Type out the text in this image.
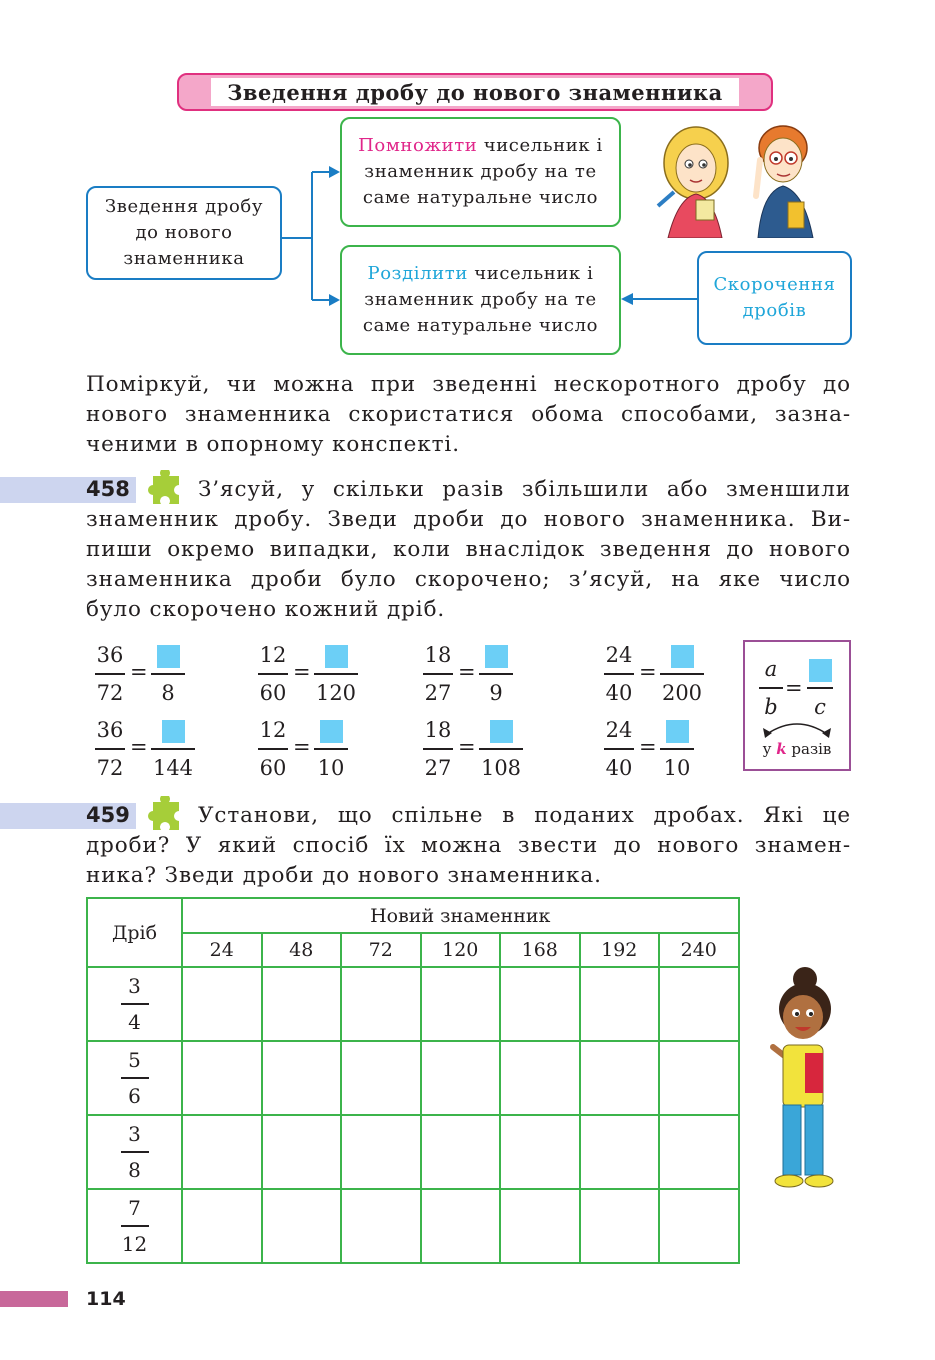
Зведення дробу до нового знаменника
Зведення дробу до нового знаменника
Помножити чисельник і знаменник дробу на те саме натуральне число
Розділити чисельник і знаменник дробу на те саме натуральне число
Скорочення дробів
Поміркуй, чи можна при зведенні нескоротного дробу до
нового знаменника скористатися обома способами, зазна-
ченими в опорному конспекті.
458	З’ясуй, у скільки разів збільшили або зменшили
знаменник дробу. Зведи дроби до нового знаменника. Ви-
пиши окремо випадки, коли внаслідок зведення до нового
знаменника дроби було скорочено; з’ясуй, на яке число
було скорочено кожний дріб.
36
72
=
8
12
60
=
120
18
27
=
9
24
40
=
200
36
72
=
144
12
60
=
10
18
27
=
108
24
40
=
10
a
b
=
c
у k разів
459	Установи, що спільне в поданих дробах. Які це
дроби? У який спосіб їх можна звести до нового знамен-
ника? Зведи дроби до нового знаменника.
Дріб	Новий знаменник						
	24	48	72	120	168	192	240

$\frac{3}{4}$

$\frac{5}{6}$

$\frac{3}{8}$

$\frac{7}{12}$

114
